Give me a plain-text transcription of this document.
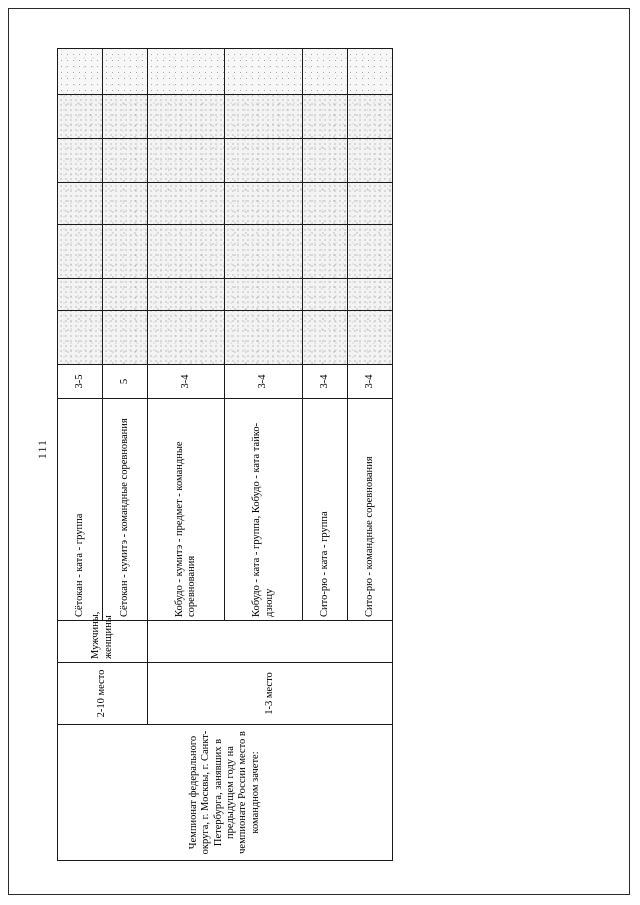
111
Чемпионат федерального округа, г. Москвы, г. Санкт-Петербурга, занявших в предыдущем году на чемпионате России место в командном зачете:	2-10 место	Мужчины, женщины	Сётокан - ката - группа	3-5							
			Сётокан - кумитэ - командные соревнования	5							
	1-3 место		Кобудо - кумитэ - предмет - командные соревнования	3-4							
			Кобудо - ката - группа, Кобудо - ката тайко-дзюцу	3-4							
			Сито-рю - ката - группа	3-4							
			Сито-рю - командные соревнования	3-4							
